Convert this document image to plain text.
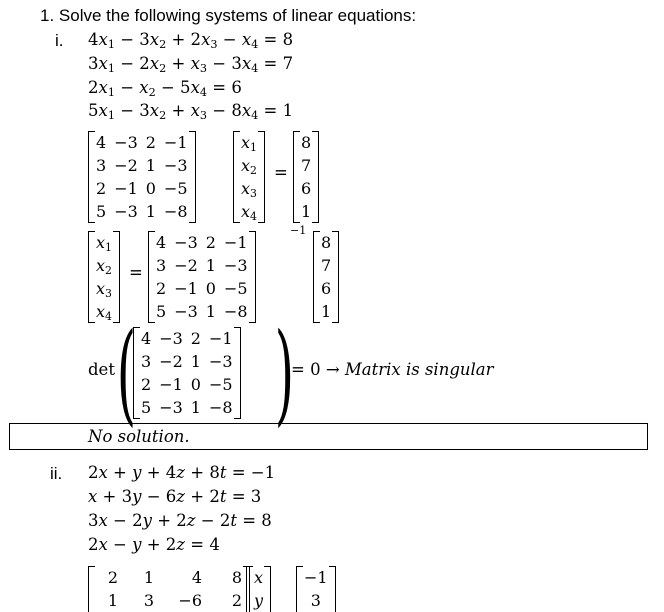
1. Solve the following systems of linear equations:
i. $4x_1 - 3x_2 + 2x_3 - x_4 = 8$
$3x_1 - 2x_2 + x_3 - 3x_4 = 7$
$2x_1 - x_2 - 5x_4 = 6$
$5x_1 - 3x_2 + x_3 - 8x_4 = 1$
4	−3	2	−1
3	−2	1	−3
2	−1	0	−5
5	−3	1	−8
$x_1$
$x_2$
$x_3$
$x_4$
=
8
7
6
1
$x_1$
$x_2$
$x_3$
$x_4$
=
4	−3	2	−1
3	−2	1	−3
2	−1	0	−5
5	−3	1	−8
−1
8
7
6
1
det ( 4	−3	2	−1
3	−2	1	−3
2	−1	0	−5
5	−3	1	−8 )
= 0 → Matrix is singular
No solution.
ii. 2x + y + 4z + 8t = −1
x + 3y − 6z + 2t = 3
3x − 2y + 2z − 2t = 8
2x − y + 2z = 4
2	1	4	8
1	3	−6	2
x
y
−1
3
